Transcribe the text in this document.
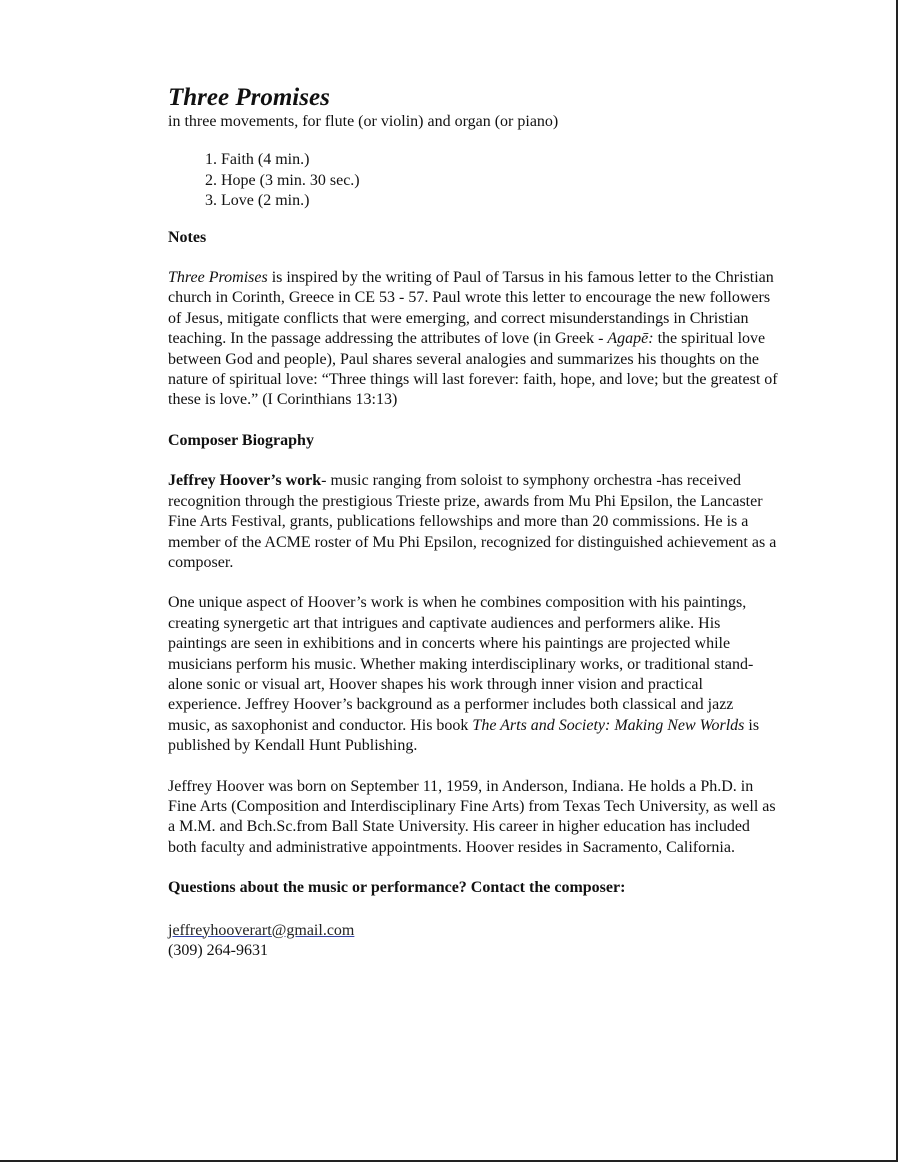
Three Promises

in three movements, for flute (or violin) and organ (or piano)

1. Faith (4 min.)
2. Hope (3 min. 30 sec.)
3. Love (2 min.)

Notes

Three Promises is inspired by the writing of Paul of Tarsus in his famous letter to the Christian church in Corinth, Greece in CE 53 - 57. Paul wrote this letter to encourage the new followers of Jesus, mitigate conflicts that were emerging, and correct misunderstandings in Christian teaching. In the passage addressing the attributes of love (in Greek - Agapē: the spiritual love between God and people), Paul shares several analogies and summarizes his thoughts on the nature of spiritual love: “Three things will last forever: faith, hope, and love; but the greatest of these is love.” (I Corinthians 13:13)

Composer Biography

Jeffrey Hoover’s work- music ranging from soloist to symphony orchestra -has received recognition through the prestigious Trieste prize, awards from Mu Phi Epsilon, the Lancaster Fine Arts Festival, grants, publications fellowships and more than 20 commissions. He is a member of the ACME roster of Mu Phi Epsilon, recognized for distinguished achievement as a composer.

One unique aspect of Hoover’s work is when he combines composition with his paintings, creating synergetic art that intrigues and captivate audiences and performers alike. His paintings are seen in exhibitions and in concerts where his paintings are projected while musicians perform his music. Whether making interdisciplinary works, or traditional stand-alone sonic or visual art, Hoover shapes his work through inner vision and practical experience. Jeffrey Hoover’s background as a performer includes both classical and jazz music, as saxophonist and conductor. His book The Arts and Society: Making New Worlds is published by Kendall Hunt Publishing.

Jeffrey Hoover was born on September 11, 1959, in Anderson, Indiana. He holds a Ph.D. in Fine Arts (Composition and Interdisciplinary Fine Arts) from Texas Tech University, as well as a M.M. and Bch.Sc.from Ball State University. His career in higher education has included both faculty and administrative appointments. Hoover resides in Sacramento, California.

Questions about the music or performance? Contact the composer:

jeffreyhooverart@gmail.com

(309) 264-9631
